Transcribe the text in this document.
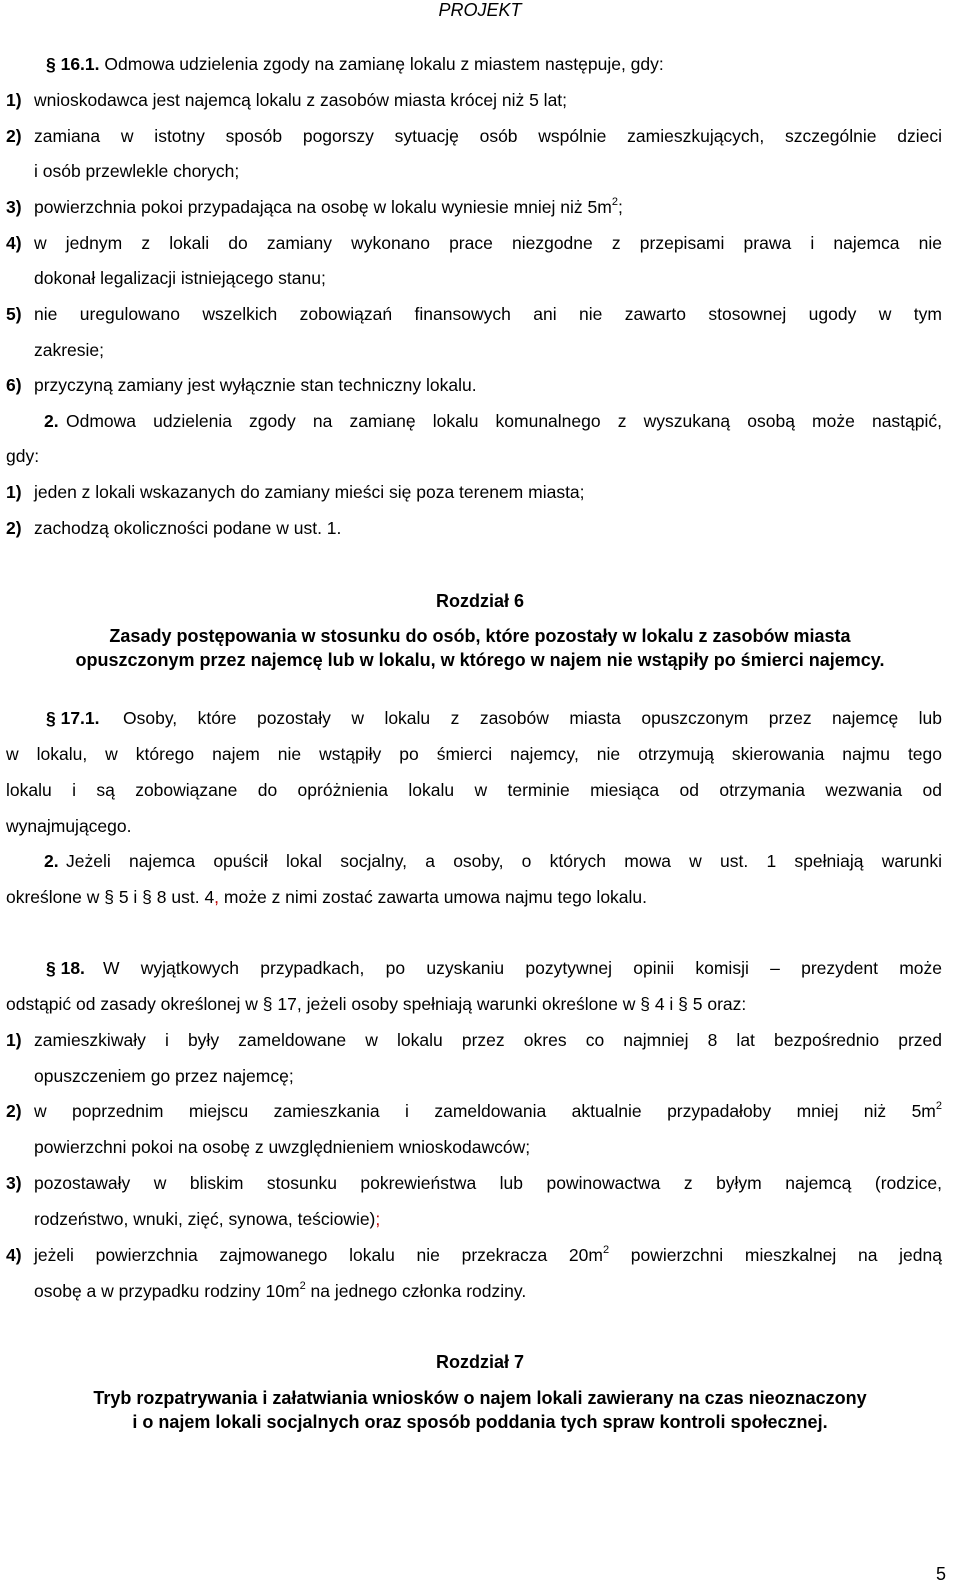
PROJEKT
§ 16.1. Odmowa udzielenia zgody na zamianę lokalu z miastem następuje, gdy:
1) wnioskodawca jest najemcą lokalu z zasobów miasta krócej niż 5 lat;
2) zamiana w istotny sposób pogorszy sytuację osób wspólnie zamieszkujących, szczególnie dzieci
i osób przewlekle chorych;
3) powierzchnia pokoi przypadająca na osobę w lokalu wyniesie mniej niż $5m^2$;
4) w jednym z lokali do zamiany wykonano prace niezgodne z przepisami prawa i najemca nie
dokonał legalizacji istniejącego stanu;
5) nie uregulowano wszelkich zobowiązań finansowych ani nie zawarto stosownej ugody w tym
zakresie;
6) przyczyną zamiany jest wyłącznie stan techniczny lokalu.
2. Odmowa udzielenia zgody na zamianę lokalu komunalnego z wyszukaną osobą może nastąpić,
gdy:
1) jeden z lokali wskazanych do zamiany mieści się poza terenem miasta;
2) zachodzą okoliczności podane w ust. 1.
Rozdział 6
Zasady postępowania w stosunku do osób, które pozostały w lokalu z zasobów miasta
opuszczonym przez najemcę lub w lokalu, w którego w najem nie wstąpiły po śmierci najemcy.
§ 17.1. Osoby, które pozostały w lokalu z zasobów miasta opuszczonym przez najemcę lub
w lokalu, w którego najem nie wstąpiły po śmierci najemcy, nie otrzymują skierowania najmu tego
lokalu i są zobowiązane do opróżnienia lokalu w terminie miesiąca od otrzymania wezwania od
wynajmującego.
2. Jeżeli najemca opuścił lokal socjalny, a osoby, o których mowa w ust. 1 spełniają warunki
określone w § 5 i § 8 ust. 4, może z nimi zostać zawarta umowa najmu tego lokalu.
§ 18. W wyjątkowych przypadkach, po uzyskaniu pozytywnej opinii komisji – prezydent może
odstąpić od zasady określonej w § 17, jeżeli osoby spełniają warunki określone w § 4 i § 5 oraz:
1) zamieszkiwały i były zameldowane w lokalu przez okres co najmniej 8 lat bezpośrednio przed
opuszczeniem go przez najemcę;
2) w poprzednim miejscu zamieszkania i zameldowania aktualnie przypadałoby mniej niż $5m^2$
powierzchni pokoi na osobę z uwzględnieniem wnioskodawców;
3) pozostawały w bliskim stosunku pokrewieństwa lub powinowactwa z byłym najemcą (rodzice,
rodzeństwo, wnuki, zięć, synowa, teściowie);
4) jeżeli powierzchnia zajmowanego lokalu nie przekracza $20m^2$ powierzchni mieszkalnej na jedną
osobę a w przypadku rodziny $10m^2$ na jednego członka rodziny.
Rozdział 7
Tryb rozpatrywania i załatwiania wniosków o najem lokali zawierany na czas nieoznaczony
i o najem lokali socjalnych oraz sposób poddania tych spraw kontroli społecznej.
5
